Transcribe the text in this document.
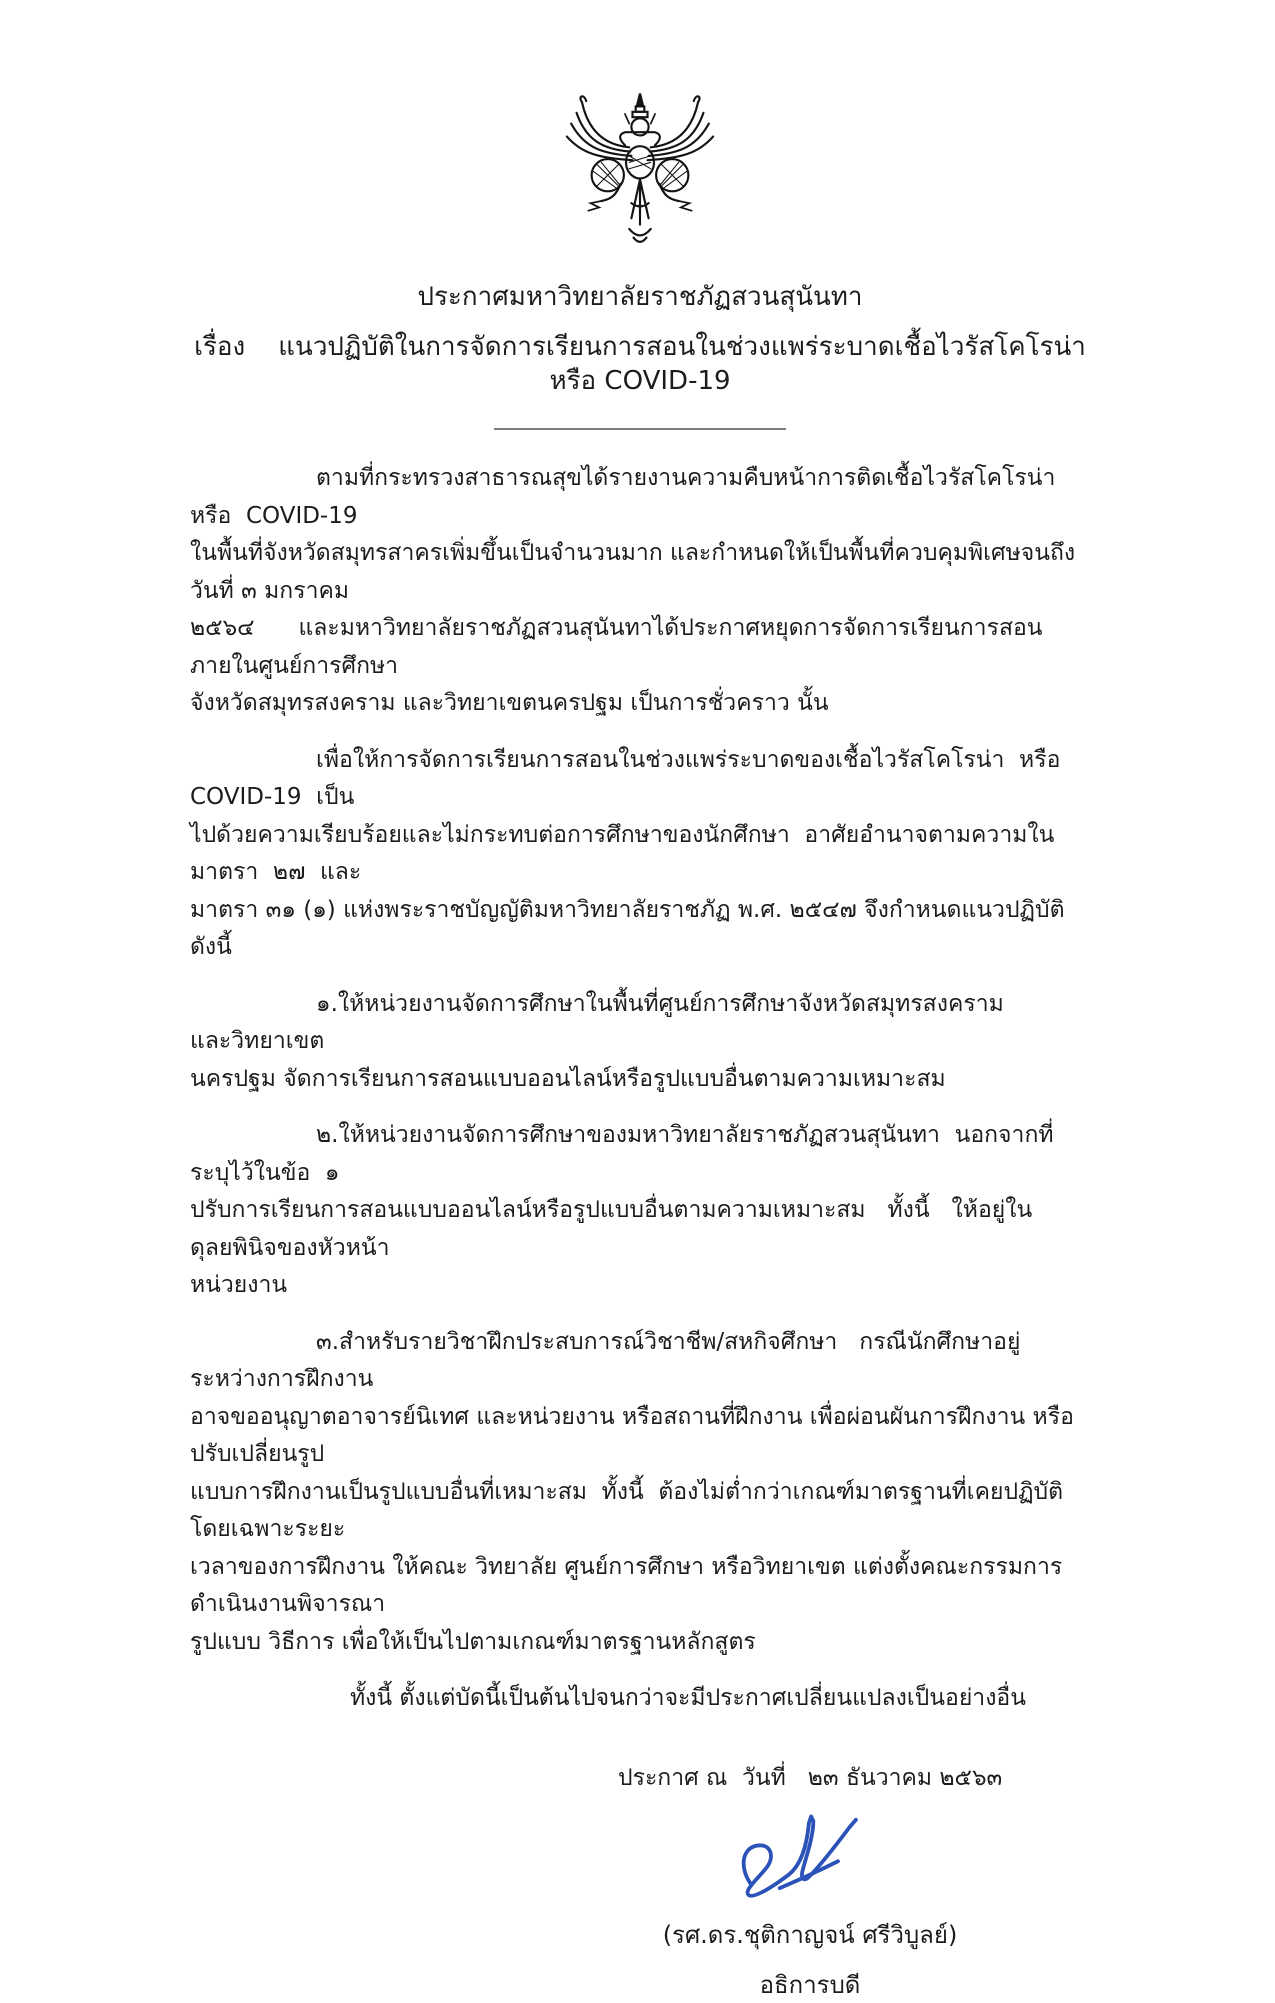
ประกาศมหาวิทยาลัยราชภัฏสวนสุนันทา
เรื่อง    แนวปฏิบัติในการจัดการเรียนการสอนในช่วงแพร่ระบาดเชื้อไวรัสโคโรน่า หรือ COVID-19

ตามที่กระทรวงสาธารณสุขได้รายงานความคืบหน้าการติดเชื้อไวรัสโคโรน่า  หรือ  COVID-19
ในพื้นที่จังหวัดสมุทรสาครเพิ่มขึ้นเป็นจำนวนมาก และกำหนดให้เป็นพื้นที่ควบคุมพิเศษจนถึงวันที่ ๓ มกราคม
๒๕๖๔      และมหาวิทยาลัยราชภัฏสวนสุนันทาได้ประกาศหยุดการจัดการเรียนการสอนภายในศูนย์การศึกษา
จังหวัดสมุทรสงคราม และวิทยาเขตนครปฐม เป็นการชั่วคราว นั้น

เพื่อให้การจัดการเรียนการสอนในช่วงแพร่ระบาดของเชื้อไวรัสโคโรน่า  หรือ  COVID-19  เป็น
ไปด้วยความเรียบร้อยและไม่กระทบต่อการศึกษาของนักศึกษา  อาศัยอำนาจตามความในมาตรา  ๒๗  และ
มาตรา ๓๑ (๑) แห่งพระราชบัญญัติมหาวิทยาลัยราชภัฏ พ.ศ. ๒๕๔๗ จึงกำหนดแนวปฏิบัติ ดังนี้

๑.ให้หน่วยงานจัดการศึกษาในพื้นที่ศูนย์การศึกษาจังหวัดสมุทรสงคราม          และวิทยาเขต
นครปฐม จัดการเรียนการสอนแบบออนไลน์หรือรูปแบบอื่นตามความเหมาะสม

๒.ให้หน่วยงานจัดการศึกษาของมหาวิทยาลัยราชภัฏสวนสุนันทา  นอกจากที่ระบุไว้ในข้อ  ๑
ปรับการเรียนการสอนแบบออนไลน์หรือรูปแบบอื่นตามความเหมาะสม   ทั้งนี้   ให้อยู่ในดุลยพินิจของหัวหน้า
หน่วยงาน

๓.สำหรับรายวิชาฝึกประสบการณ์วิชาชีพ/สหกิจศึกษา   กรณีนักศึกษาอยู่ระหว่างการฝึกงาน
อาจขออนุญาตอาจารย์นิเทศ และหน่วยงาน หรือสถานที่ฝึกงาน เพื่อผ่อนผันการฝึกงาน หรือปรับเปลี่ยนรูป
แบบการฝึกงานเป็นรูปแบบอื่นที่เหมาะสม  ทั้งนี้  ต้องไม่ต่ำกว่าเกณฑ์มาตรฐานที่เคยปฏิบัติ  โดยเฉพาะระยะ
เวลาของการฝึกงาน ให้คณะ วิทยาลัย ศูนย์การศึกษา หรือวิทยาเขต แต่งตั้งคณะกรรมการดำเนินงานพิจารณา
รูปแบบ วิธีการ เพื่อให้เป็นไปตามเกณฑ์มาตรฐานหลักสูตร

ทั้งนี้ ตั้งแต่บัดนี้เป็นต้นไปจนกว่าจะมีประกาศเปลี่ยนแปลงเป็นอย่างอื่น
ประกาศ ณ  วันที่   ๒๓ ธันวาคม ๒๕๖๓
(รศ.ดร.ชุติกาญจน์ ศรีวิบูลย์)
อธิการบดี
